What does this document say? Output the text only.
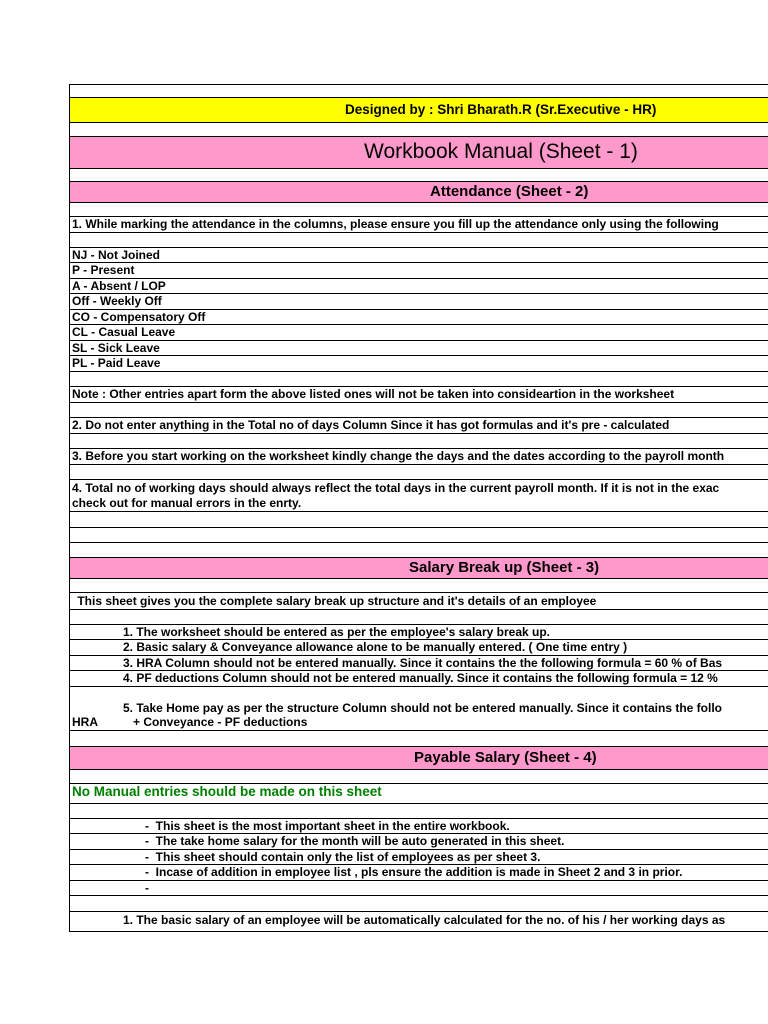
Designed by : Shri Bharath.R (Sr.Executive - HR)
Workbook Manual (Sheet - 1)
Attendance (Sheet - 2)
1. While marking the attendance in the columns, please ensure you fill up the attendance only using the following
NJ - Not Joined
P - Present
A - Absent / LOP
Off - Weekly Off
CO - Compensatory Off
CL - Casual Leave
SL - Sick Leave
PL - Paid Leave
Note : Other entries apart form the above listed ones will not be taken into consideartion in the worksheet
2. Do not enter anything in the Total no of days Column Since it has got formulas and it's pre - calculated
3. Before you start working on the worksheet kindly change the days and the dates according to the payroll month
4. Total no of working days should always reflect the total days in the current payroll month. If it is not in the exac
check out for manual errors in the enrty.
Salary Break up (Sheet - 3)
This sheet gives you the complete salary break up structure and it's details of an employee
1. The worksheet should be entered as per the employee's salary break up.
2. Basic salary & Conveyance allowance alone to be manually entered. ( One time entry )
3. HRA Column should not be entered manually. Since it contains the the following formula = 60 % of Bas
4. PF deductions Column should not be entered manually. Since it contains the following formula = 12 %
5. Take Home pay as per the structure Column should not be entered manually. Since it contains the follo
HRA	+ Conveyance - PF deductions
Payable Salary (Sheet - 4)
No Manual entries should be made on this sheet
-  This sheet is the most important sheet in the entire workbook.
-  The take home salary for the month will be auto generated in this sheet.
-  This sheet should contain only the list of employees as per sheet 3.
-  Incase of addition in employee list , pls ensure the addition is made in Sheet 2 and 3 in prior.
-
1. The basic salary of an employee will be automatically calculated for the no. of his / her working days as
